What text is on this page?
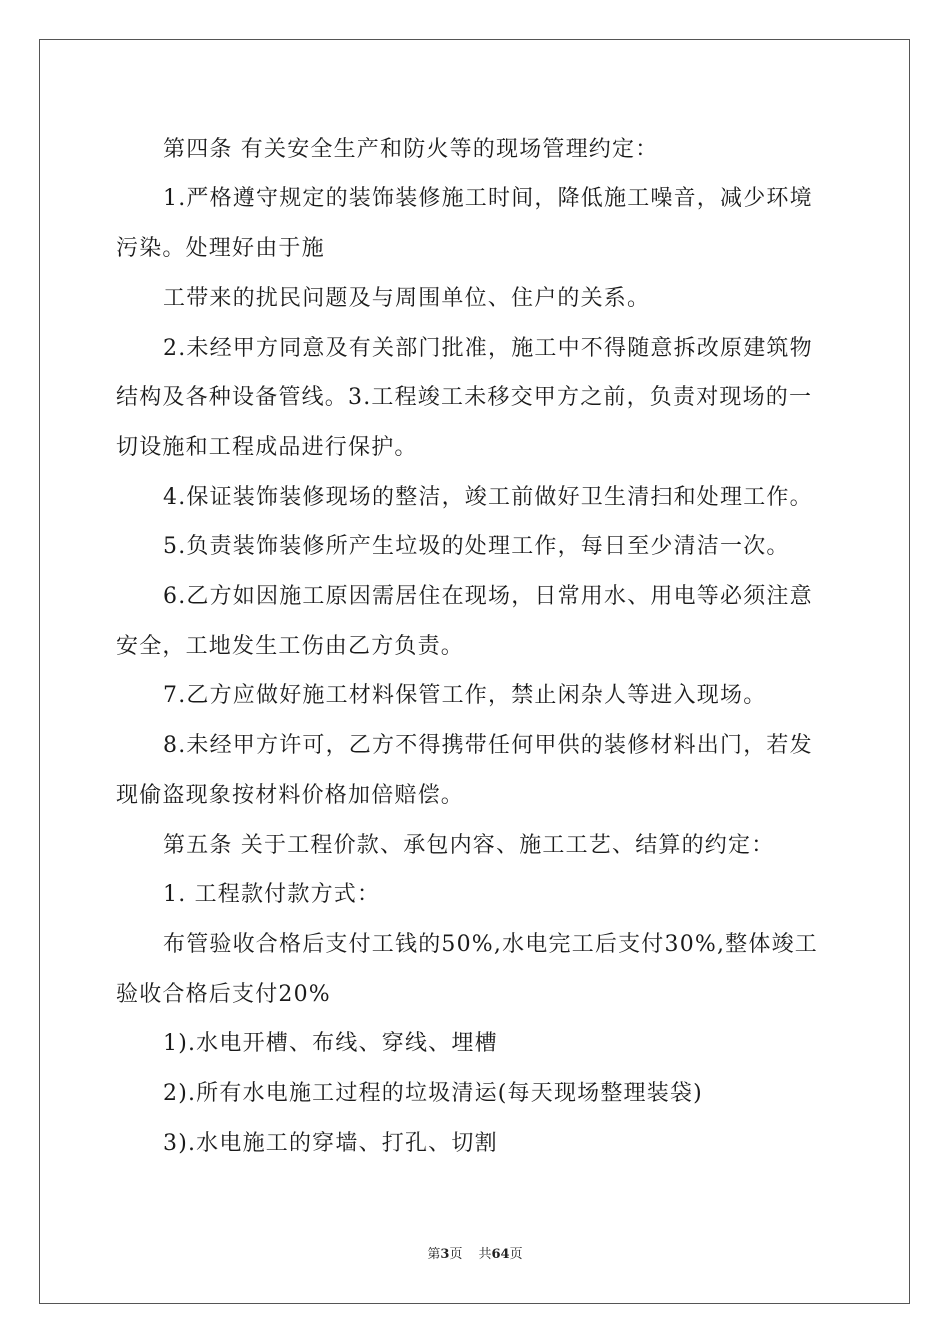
第四条 有关安全生产和防火等的现场管理约定：
1.严格遵守规定的装饰装修施工时间，降低施工噪音，减少环境
污染。处理好由于施
工带来的扰民问题及与周围单位、住户的关系。
2.未经甲方同意及有关部门批准，施工中不得随意拆改原建筑物
结构及各种设备管线。3.工程竣工未移交甲方之前，负责对现场的一
切设施和工程成品进行保护。
4.保证装饰装修现场的整洁，竣工前做好卫生清扫和处理工作。
5.负责装饰装修所产生垃圾的处理工作，每日至少清洁一次。
6.乙方如因施工原因需居住在现场，日常用水、用电等必须注意
安全，工地发生工伤由乙方负责。
7.乙方应做好施工材料保管工作，禁止闲杂人等进入现场。
8.未经甲方许可，乙方不得携带任何甲供的装修材料出门，若发
现偷盗现象按材料价格加倍赔偿。
第五条 关于工程价款、承包内容、施工工艺、结算的约定：
1. 工程款付款方式：
布管验收合格后支付工钱的50%,水电完工后支付30%,整体竣工
验收合格后支付20%
1).水电开槽、布线、穿线、埋槽
2).所有水电施工过程的垃圾清运(每天现场整理装袋)
3).水电施工的穿墙、打孔、切割
第3页 共64页
